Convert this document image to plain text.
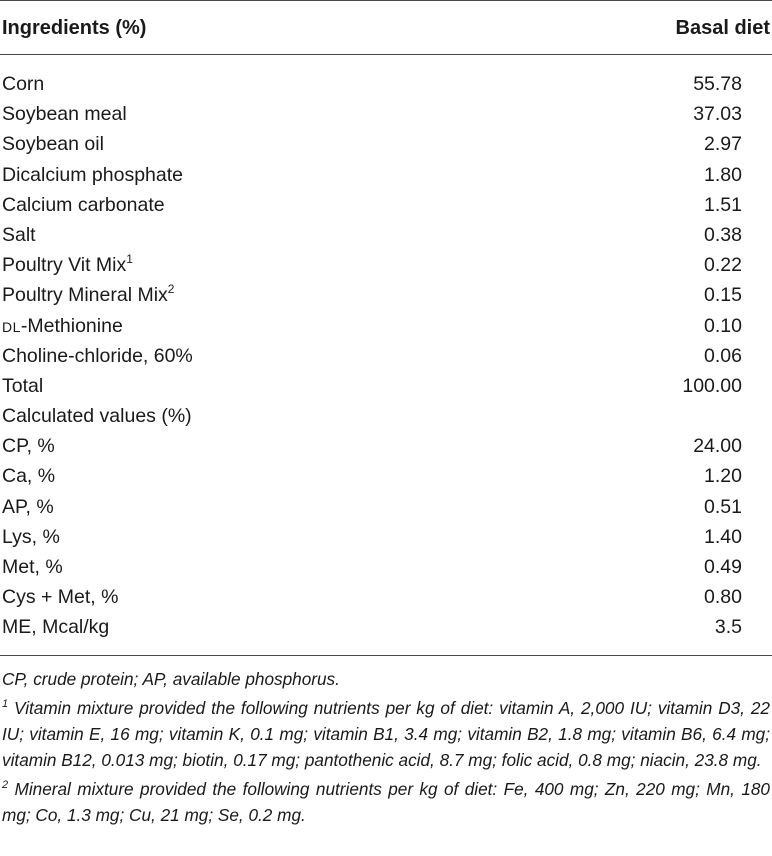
Ingredients (%)	Basal diet
Corn	55.78
Soybean meal	37.03
Soybean oil	2.97
Dicalcium phosphate	1.80
Calcium carbonate	1.51
Salt	0.38
Poultry Vit Mix$^1$	0.22
Poultry Mineral Mix$^2$	0.15
DL-Methionine	0.10
Choline-chloride, 60%	0.06
Total	100.00
Calculated values (%)
CP, %	24.00
Ca, %	1.20
AP, %	0.51
Lys, %	1.40
Met, %	0.49
Cys + Met, %	0.80
ME, Mcal/kg	3.5

CP, crude protein; AP, available phosphorus.

$^1$ Vitamin mixture provided the following nutrients per kg of diet: vitamin A, 2,000 IU; vitamin D3, 22 IU; vitamin E, 16 mg; vitamin K, 0.1 mg; vitamin B1, 3.4 mg; vitamin B2, 1.8 mg; vitamin B6, 6.4 mg; vitamin B12, 0.013 mg; biotin, 0.17 mg; pantothenic acid, 8.7 mg; folic acid, 0.8 mg; niacin, 23.8 mg.

$^2$ Mineral mixture provided the following nutrients per kg of diet: Fe, 400 mg; Zn, 220 mg; Mn, 180 mg; Co, 1.3 mg; Cu, 21 mg; Se, 0.2 mg.
